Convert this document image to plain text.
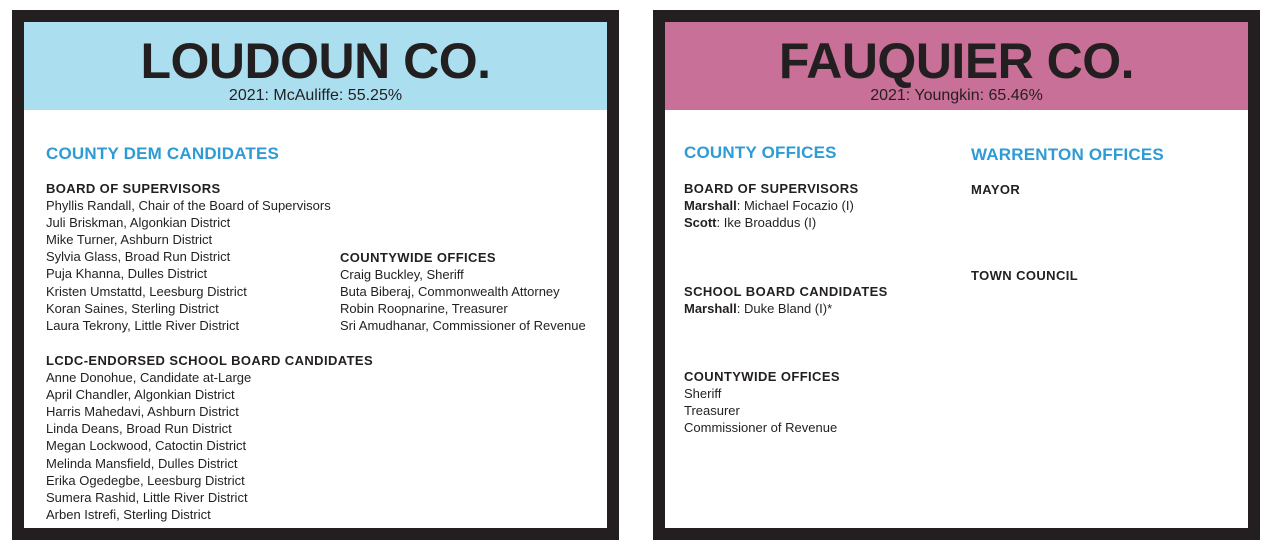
LOUDOUN CO.
2021: McAuliffe: 55.25%
COUNTY DEM CANDIDATES
BOARD OF SUPERVISORS
Phyllis Randall, Chair of the Board of Supervisors
Juli Briskman, Algonkian District
Mike Turner, Ashburn District
Sylvia Glass, Broad Run District
Puja Khanna, Dulles District
Kristen Umstattd, Leesburg District
Koran Saines, Sterling District
Laura Tekrony, Little River District
COUNTYWIDE OFFICES
Craig Buckley, Sheriff
Buta Biberaj, Commonwealth Attorney
Robin Roopnarine, Treasurer
Sri Amudhanar, Commissioner of Revenue
LCDC-ENDORSED SCHOOL BOARD CANDIDATES
Anne Donohue, Candidate at-Large
April Chandler, Algonkian District
Harris Mahedavi, Ashburn District
Linda Deans, Broad Run District
Megan Lockwood, Catoctin District
Melinda Mansfield, Dulles District
Erika Ogedegbe, Leesburg District
Sumera Rashid, Little River District
Arben Istrefi, Sterling District
FAUQUIER CO.
2021: Youngkin: 65.46%
COUNTY OFFICES	WARRENTON OFFICES
BOARD OF SUPERVISORS
Marshall: Michael Focazio (I)
Scott: Ike Broaddus (I)
SCHOOL BOARD CANDIDATES
Marshall: Duke Bland (I)*
COUNTYWIDE OFFICES
Sheriff
Treasurer
Commissioner of Revenue
MAYOR
TOWN COUNCIL
